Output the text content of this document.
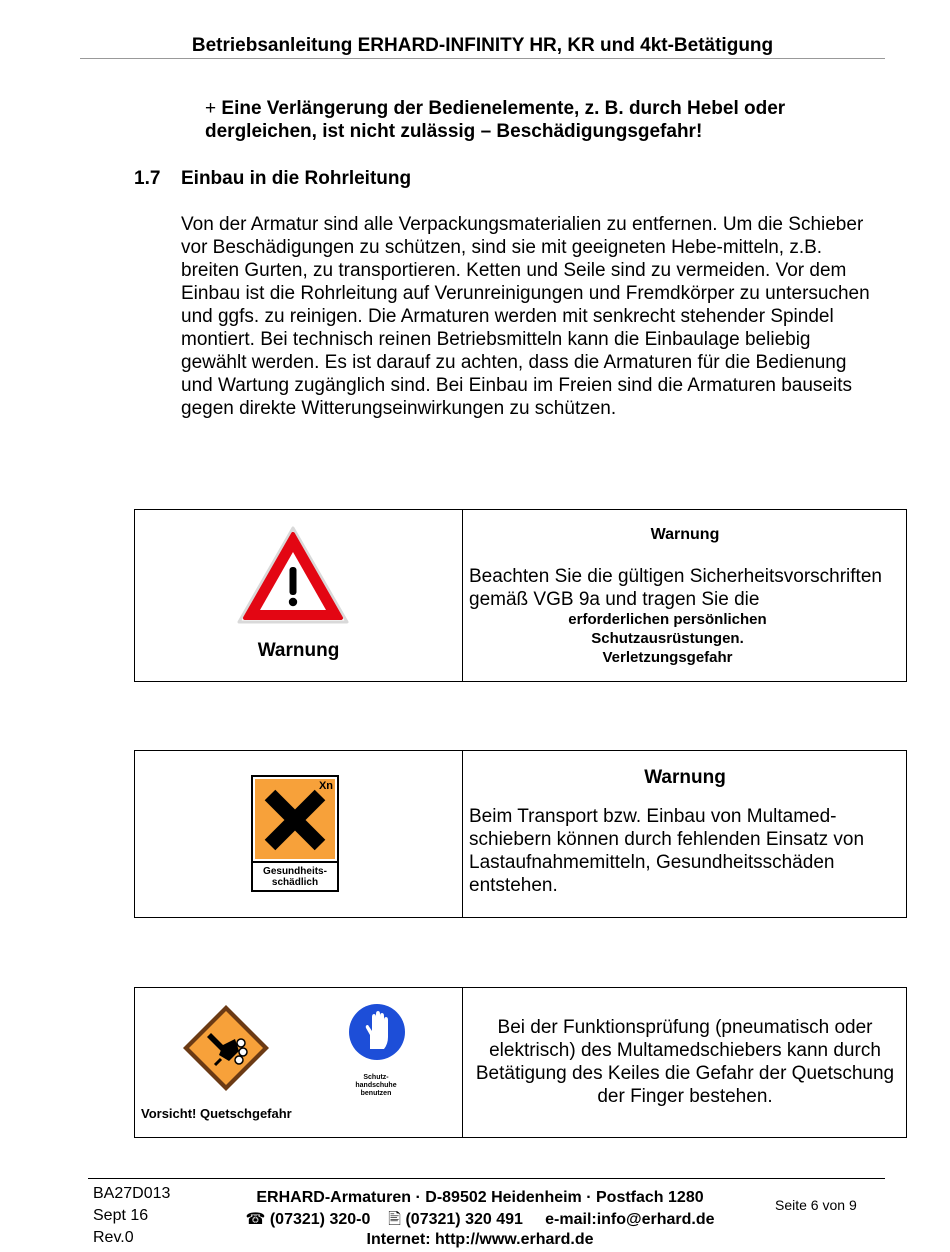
Betriebsanleitung ERHARD-INFINITY HR, KR und 4kt-Betätigung
+ Eine Verlängerung der Bedienelemente, z. B. durch Hebel oder dergleichen, ist nicht zulässig – Beschädigungsgefahr!
1.7 Einbau in die Rohrleitung
Von der Armatur sind alle Verpackungsmaterialien zu entfernen. Um die Schieber vor Beschädigungen zu schützen, sind sie mit geeigneten Hebe-mitteln, z.B. breiten Gurten, zu transportieren. Ketten und Seile sind zu vermeiden. Vor dem Einbau ist die Rohrleitung auf Verunreinigungen und Fremdkörper zu untersuchen und ggfs. zu reinigen. Die Armaturen werden mit senkrecht stehender Spindel montiert. Bei technisch reinen Betriebsmitteln kann die Einbaulage beliebig gewählt werden. Es ist darauf zu achten, dass die Armaturen für die Bedienung und Wartung zugänglich sind. Bei Einbau im Freien sind die Armaturen bauseits gegen direkte Witterungseinwirkungen zu schützen.
Warnung
Warnung
Beachten Sie die gültigen Sicherheitsvorschriften gemäß VGB 9a und tragen Sie die
erforderlichen persönlichen
Schutzausrüstungen.
Verletzungsgefahr
Xn
Gesundheits-
schädlich
Warnung
Beim Transport bzw. Einbau von Multamed-schiebern können durch fehlenden Einsatz von Lastaufnahmemitteln, Gesundheitsschäden entstehen.
Schutz-
handschuhe
benutzen
Vorsicht! Quetschgefahr
Bei der Funktionsprüfung (pneumatisch oder elektrisch) des Multamedschiebers kann durch Betätigung des Keiles die Gefahr der Quetschung der Finger bestehen.
BA27D013
Sept 16
Rev.0
ERHARD-Armaturen · D-89502 Heidenheim · Postfach 1280
☎ (07321) 320-0 🖹 (07321) 320 491 e-mail:info@erhard.de
Internet: http://www.erhard.de
Seite 6 von 9
